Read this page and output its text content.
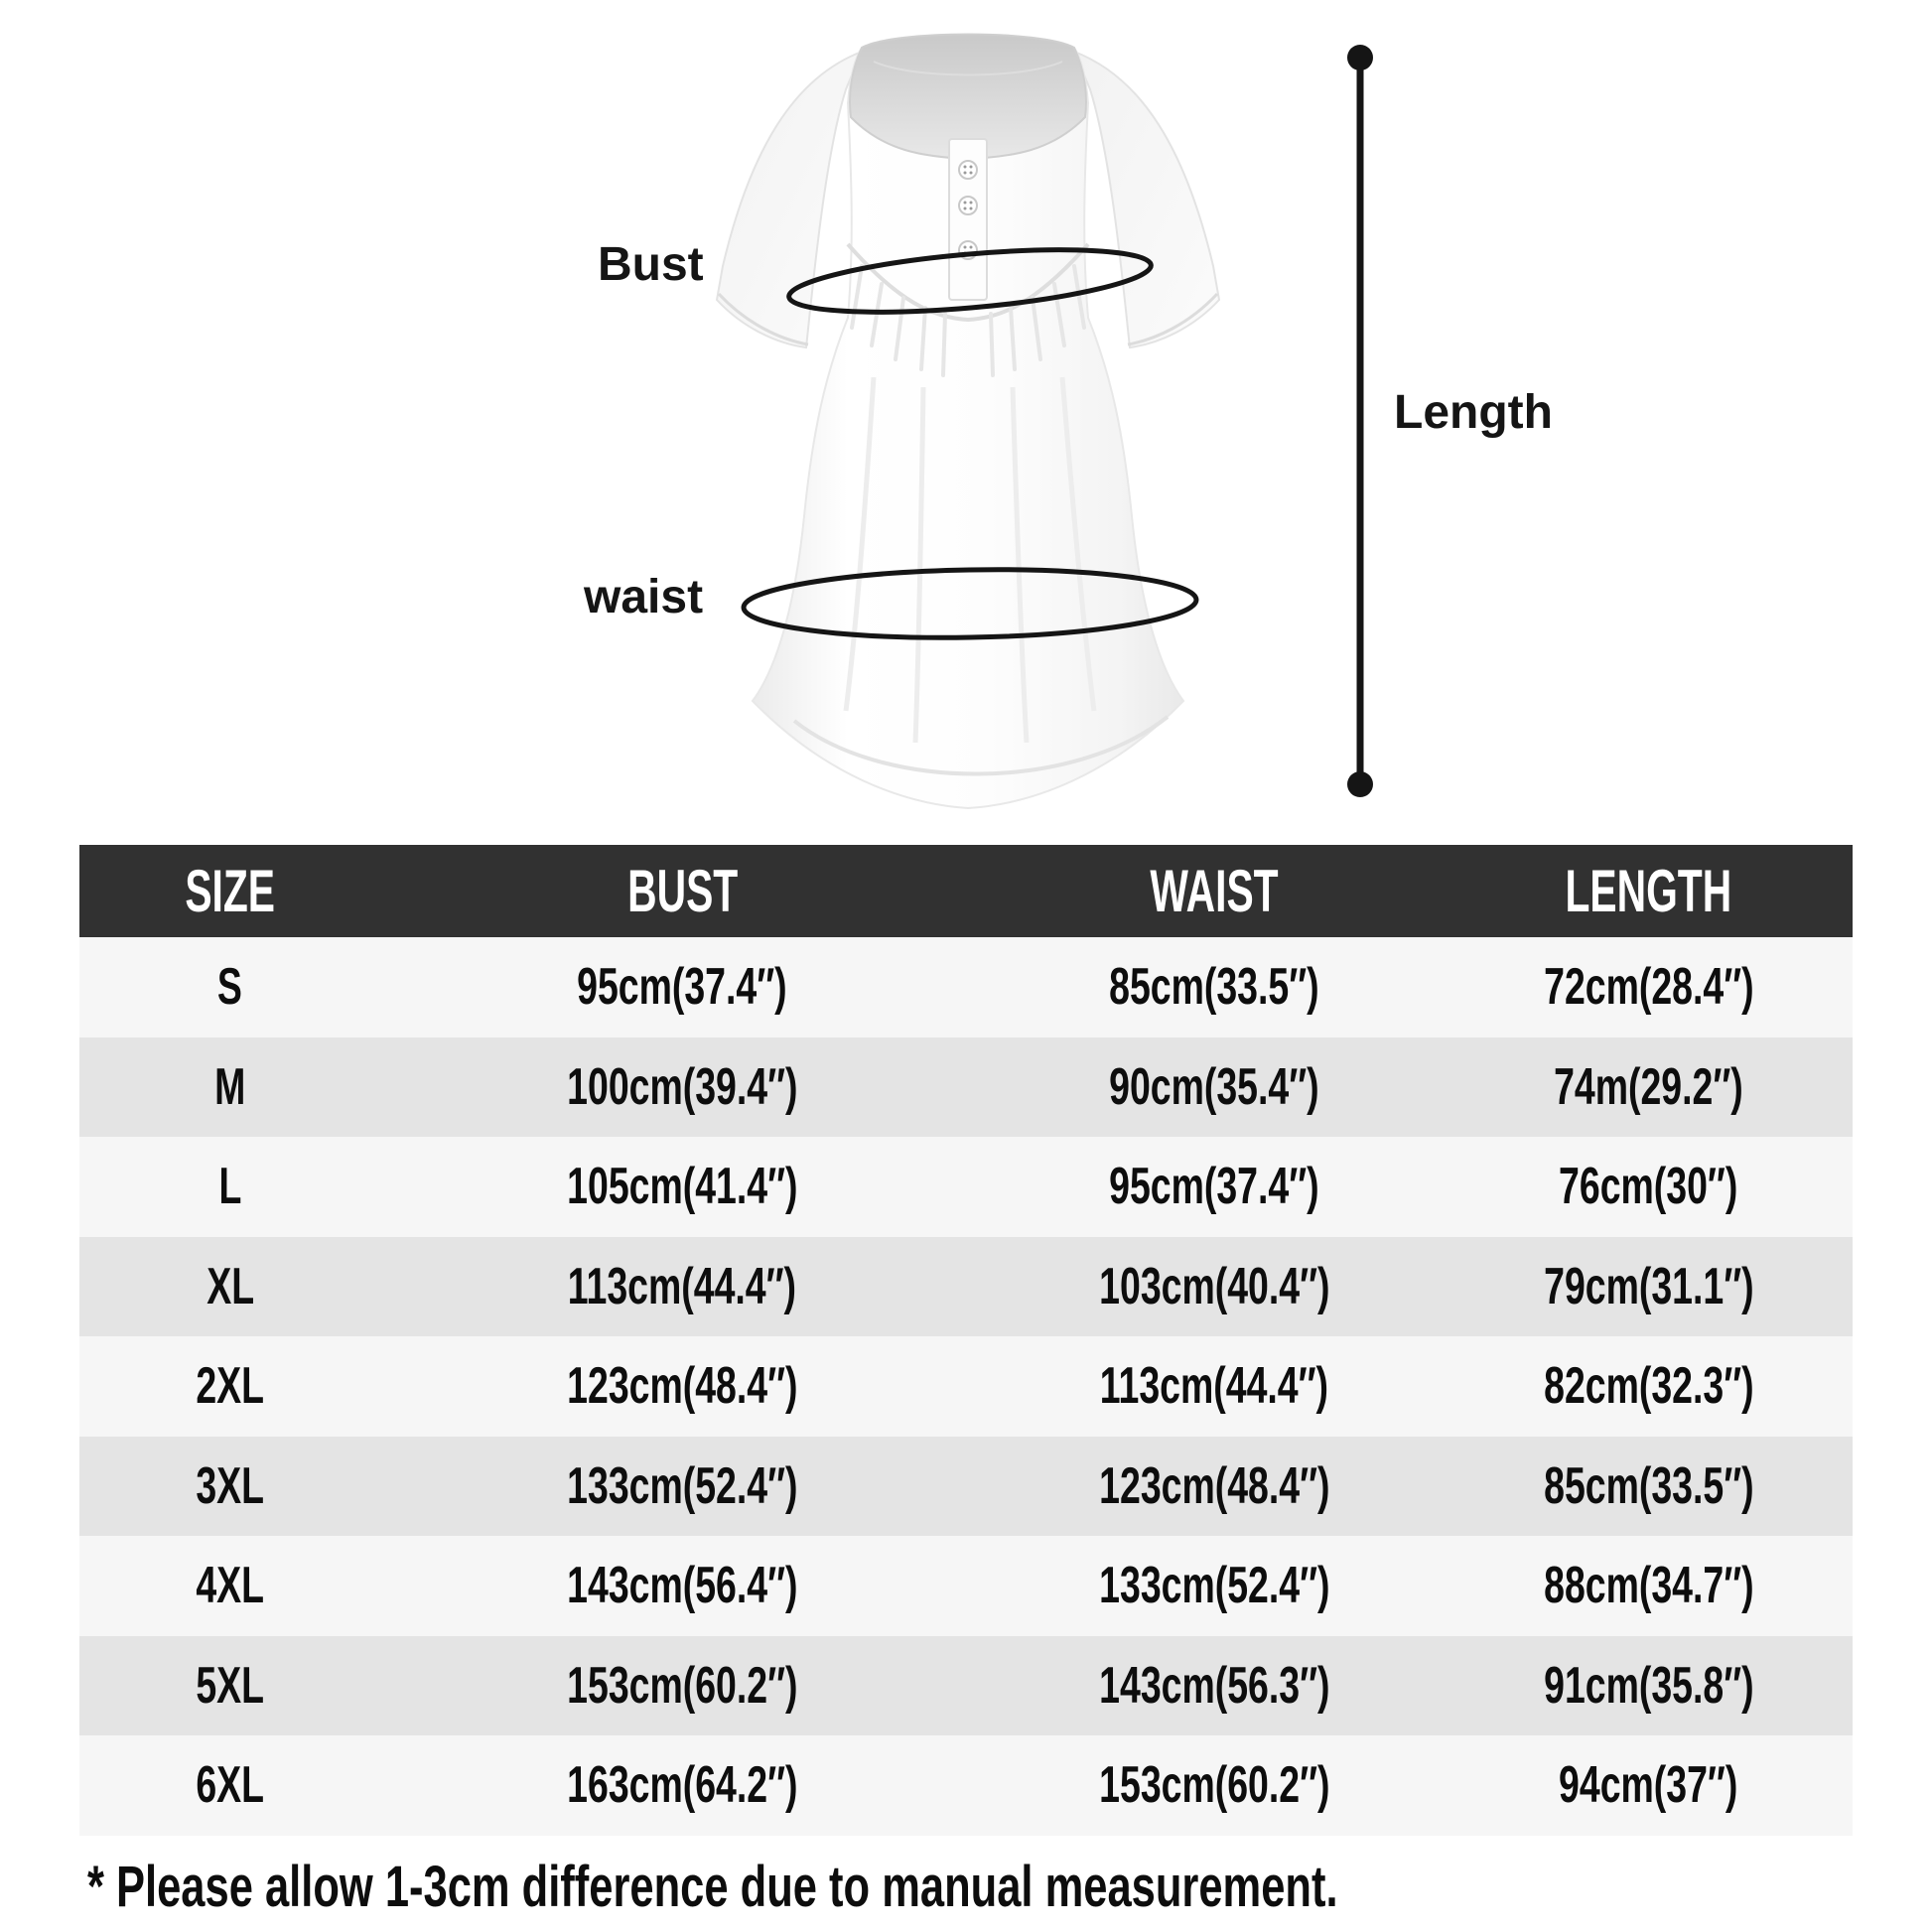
Bust
waist
Length
SIZE	BUST	WAIST	LENGTH
S	95cm(37.4″)	85cm(33.5″)	72cm(28.4″)
M	100cm(39.4″)	90cm(35.4″)	74m(29.2″)
L	105cm(41.4″)	95cm(37.4″)	76cm(30″)
XL	113cm(44.4″)	103cm(40.4″)	79cm(31.1″)
2XL	123cm(48.4″)	113cm(44.4″)	82cm(32.3″)
3XL	133cm(52.4″)	123cm(48.4″)	85cm(33.5″)
4XL	143cm(56.4″)	133cm(52.4″)	88cm(34.7″)
5XL	153cm(60.2″)	143cm(56.3″)	91cm(35.8″)
6XL	163cm(64.2″)	153cm(60.2″)	94cm(37″)
* Please allow 1-3cm difference due to manual measurement.
